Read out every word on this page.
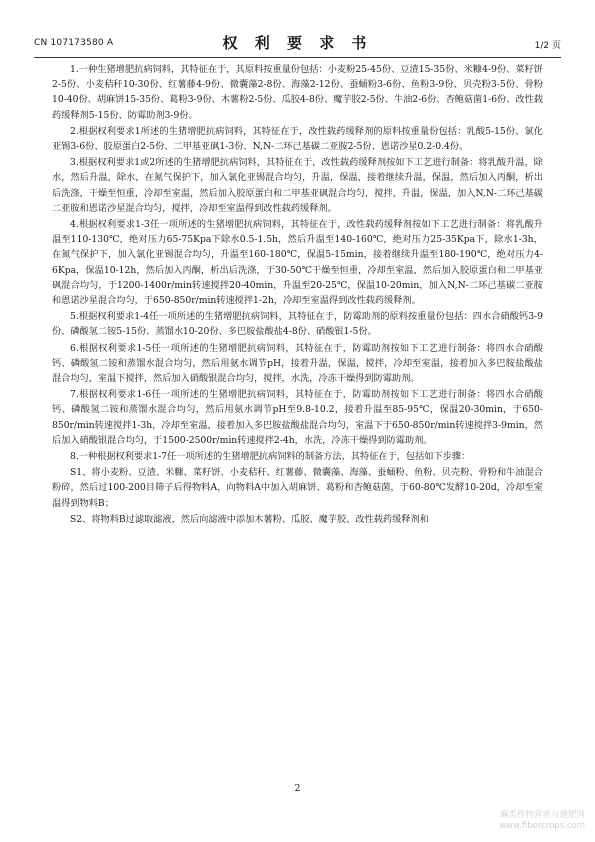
CN 107173580 A	权 利 要 求 书	1/2 页

1.一种生猪增肥抗病饲料，其特征在于，其原料按重量份包括：小麦粉25-45份、豆渣15-35份、米糠4-9份、菜籽饼2-5份、小麦秸秆10-30份、红薯藤4-9份、微囊藻2-8份、海藻2-12份、蚕蛹粉3-6份、鱼粉3-9份、贝壳粉3-5份、骨粉10-40份、胡麻饼15-35份、葛粉3-9份、木薯粉2-5份、瓜胶4-8份、魔芋胶2-5份、牛油2-6份、杏鲍菇菌1-6份、改性载药缓释剂5-15份、防霉助剂3-9份。

2.根据权利要求1所述的生猪增肥抗病饲料，其特征在于，改性载药缓释剂的原料按重量份包括：乳酸5-15份、氯化亚锡3-6份、胶原蛋白2-5份、二甲基亚砜1-3份、N,N-二环己基碳二亚胺2-5份、恩诺沙星0.2-0.4份。

3.根据权利要求1或2所述的生猪增肥抗病饲料，其特征在于，改性载药缓释剂按如下工艺进行制备：将乳酸升温，除水，然后升温，除水，在氮气保护下，加入氯化亚锡混合均匀，升温，保温，接着继续升温，保温，然后加入丙酮，析出后洗涤，干燥至恒重，冷却至室温，然后加入胶原蛋白和二甲基亚砜混合均匀，搅拌，升温，保温，加入N,N-二环己基碳二亚胺和恩诺沙星混合均匀，搅拌，冷却至室温得到改性载药缓释剂。

4.根据权利要求1-3任一项所述的生猪增肥抗病饲料，其特征在于，改性载药缓释剂按如下工艺进行制备：将乳酸升温至110-130℃，绝对压力65-75Kpa下除水0.5-1.5h，然后升温至140-160℃，绝对压力25-35Kpa下，除水1-3h，在氮气保护下，加入氯化亚锡混合均匀，升温至160-180℃，保温5-15min，接着继续升温至180-190℃，绝对压力4-6Kpa，保温10-12h，然后加入丙酮，析出后洗涤，于30-50℃干燥至恒重，冷却至室温，然后加入胶原蛋白和二甲基亚砜混合均匀，于1200-1400r/min转速搅拌20-40min，升温至20-25℃，保温10-20min，加入N,N-二环己基碳二亚胺和恩诺沙星混合均匀，于650-850r/min转速搅拌1-2h，冷却至室温得到改性载药缓释剂。

5.根据权利要求1-4任一项所述的生猪增肥抗病饲料，其特征在于，防霉助剂的原料按重量份包括：四水合硝酸钙3-9份、磷酸氢二铵5-15份、蒸馏水10-20份、多巴胺盐酸盐4-8份、硝酸银1-5份。

6.根据权利要求1-5任一项所述的生猪增肥抗病饲料，其特征在于，防霉助剂按如下工艺进行制备：将四水合硝酸钙、磷酸氢二铵和蒸馏水混合均匀，然后用氨水调节pH，接着升温，保温，搅拌，冷却至室温，接着加入多巴胺盐酸盐混合均匀，室温下搅拌，然后加入硝酸银混合均匀，搅拌，水洗，冷冻干燥得到防霉助剂。

7.根据权利要求1-6任一项所述的生猪增肥抗病饲料，其特征在于，防霉助剂按如下工艺进行制备：将四水合硝酸钙、磷酸氢二铵和蒸馏水混合均匀，然后用氨水调节pH至9.8-10.2，接着升温至85-95℃，保温20-30min，于650-850r/min转速搅拌1-3h，冷却至室温，接着加入多巴胺盐酸盐混合均匀，室温下于650-850r/min转速搅拌3-9min，然后加入硝酸银混合均匀，于1500-2500r/min转速搅拌2-4h，水洗，冷冻干燥得到防霉助剂。

8.一种根据权利要求1-7任一项所述的生猪增肥抗病饲料的制备方法，其特征在于，包括如下步骤：

S1、将小麦粉、豆渣、米糠、菜籽饼、小麦秸秆、红薯藤、微囊藻、海藻、蚕蛹粉、鱼粉、贝壳粉、骨粉和牛油混合粉碎，然后过100-200目筛子后得物料A，向物料A中加入胡麻饼、葛粉和杏鲍菇菌，于60-80℃发酵10-20d，冷却至室温得到物料B；

S2、将物料B过滤取滤液，然后向滤液中添加木薯粉、瓜胶、魔芋胶、改性载药缓释剂和

2
麻类作物营养与施肥网
www.fibercrops.com
